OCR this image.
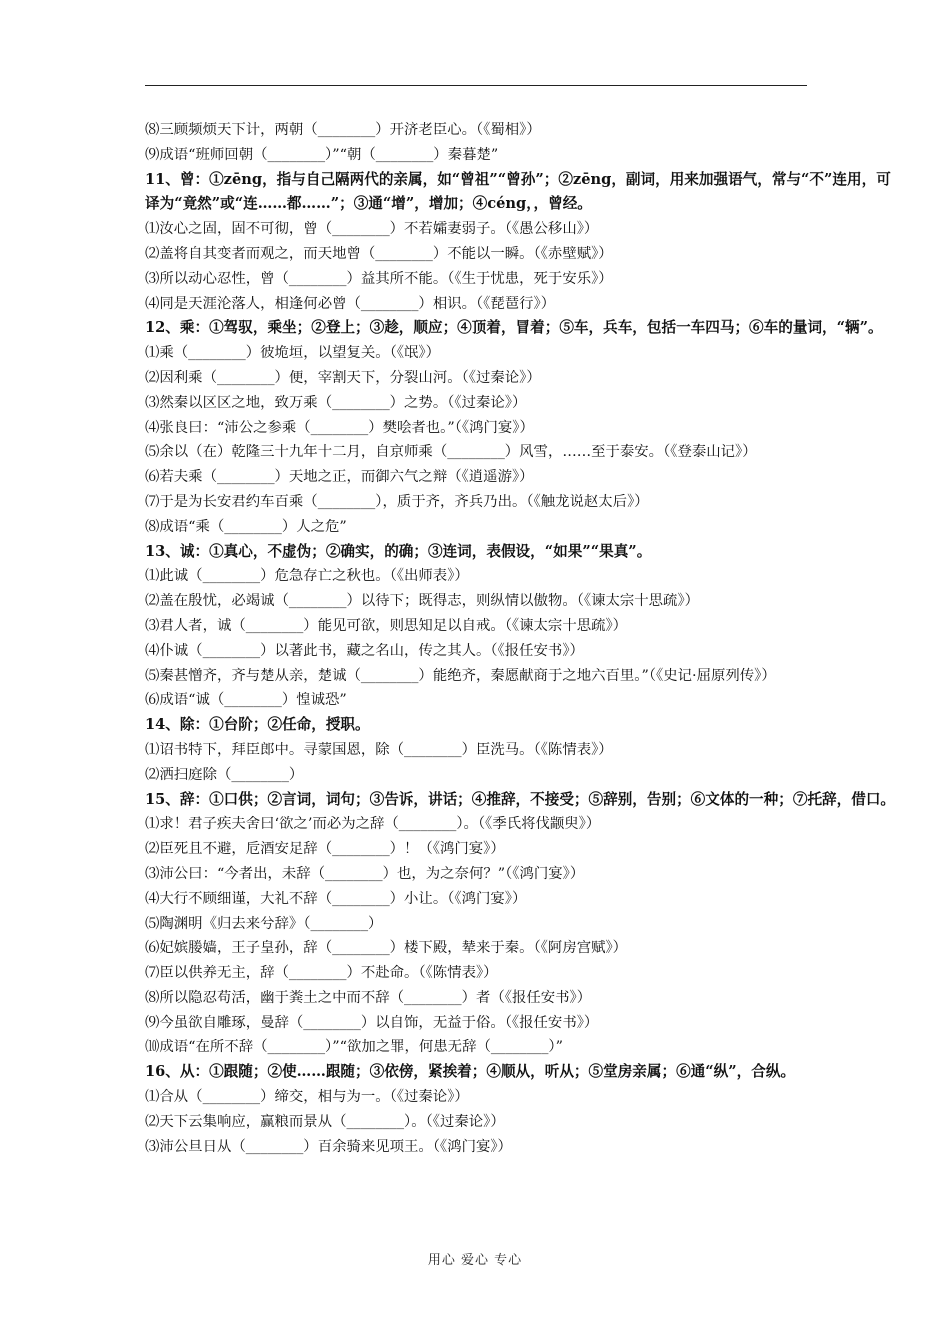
⑻三顾频烦天下计，两朝（________）开济老臣心。（《蜀相》）
⑼成语“班师回朝（________）”“朝（________）秦暮楚”
11、曾：①zēng，指与自己隔两代的亲属，如“曾祖”“曾孙”；②zēng，副词，用来加强语气，常与“不”连用，可译为“竟然”或“连……都……”；③通“增”，增加；④céng，，曾经。
⑴汝心之固，固不可彻，曾（________）不若孀妻弱子。（《愚公移山》）
⑵盖将自其变者而观之，而天地曾（________）不能以一瞬。（《赤壁赋》）
⑶所以动心忍性，曾（________）益其所不能。（《生于忧患，死于安乐》）
⑷同是天涯沦落人，相逢何必曾（________）相识。（《琵琶行》）
12、乘：①驾驭，乘坐；②登上；③趁，顺应；④顶着，冒着；⑤车，兵车，包括一车四马；⑥车的量词，“辆”。
⑴乘（________）彼垝垣，以望复关。（《氓》）
⑵因利乘（________）便，宰割天下，分裂山河。（《过秦论》）
⑶然秦以区区之地，致万乘（________）之势。（《过秦论》）
⑷张良曰：“沛公之参乘（________）樊哙者也。”（《鸿门宴》）
⑸余以（在）乾隆三十九年十二月，自京师乘（________）风雪，……至于泰安。（《登泰山记》）
⑹若夫乘（________）天地之正，而御六气之辩（《逍遥游》）
⑺于是为长安君约车百乘（________），质于齐，齐兵乃出。（《触龙说赵太后》）
⑻成语“乘（________）人之危”
13、诚：①真心，不虚伪；②确实，的确；③连词，表假设，“如果”“果真”。
⑴此诚（________）危急存亡之秋也。（《出师表》）
⑵盖在殷忧，必竭诚（________）以待下；既得志，则纵情以傲物。（《谏太宗十思疏》）
⑶君人者，诚（________）能见可欲，则思知足以自戒。（《谏太宗十思疏》）
⑷仆诚（________）以著此书，藏之名山，传之其人。（《报任安书》）
⑸秦甚憎齐，齐与楚从亲，楚诚（________）能绝齐，秦愿献商于之地六百里。”（《史记·屈原列传》）
⑹成语“诚（________）惶诚恐”
14、除：①台阶；②任命，授职。
⑴诏书特下，拜臣郎中。寻蒙国恩，除（________）臣洗马。（《陈情表》）
⑵洒扫庭除（________）
15、辞：①口供；②言词，词句；③告诉，讲话；④推辞，不接受；⑤辞别，告别；⑥文体的一种；⑦托辞，借口。
⑴求！君子疾夫舍曰‘欲之’而必为之辞（________）。（《季氏将伐颛臾》）
⑵臣死且不避，卮酒安足辞（________）！（《鸿门宴》）
⑶沛公曰：“今者出，未辞（________）也，为之奈何？”（《鸿门宴》）
⑷大行不顾细谨，大礼不辞（________）小让。（《鸿门宴》）
⑸陶渊明《归去来兮辞》（________）
⑹妃嫔媵嫱，王子皇孙，辞（________）楼下殿，辇来于秦。（《阿房宫赋》）
⑺臣以供养无主，辞（________）不赴命。（《陈情表》）
⑻所以隐忍苟活，幽于粪土之中而不辞（________）者（《报任安书》）
⑼今虽欲自雕琢，曼辞（________）以自饰，无益于俗。（《报任安书》）
⑽成语“在所不辞（________）”“欲加之罪，何患无辞（________）”
16、从：①跟随；②使……跟随；③依傍，紧挨着；④顺从，听从；⑤堂房亲属；⑥通“纵”，合纵。
⑴合从（________）缔交，相与为一。（《过秦论》）
⑵天下云集响应，赢粮而景从（________）。（《过秦论》）
⑶沛公旦日从（________）百余骑来见项王。（《鸿门宴》）
用心 爱心 专心
